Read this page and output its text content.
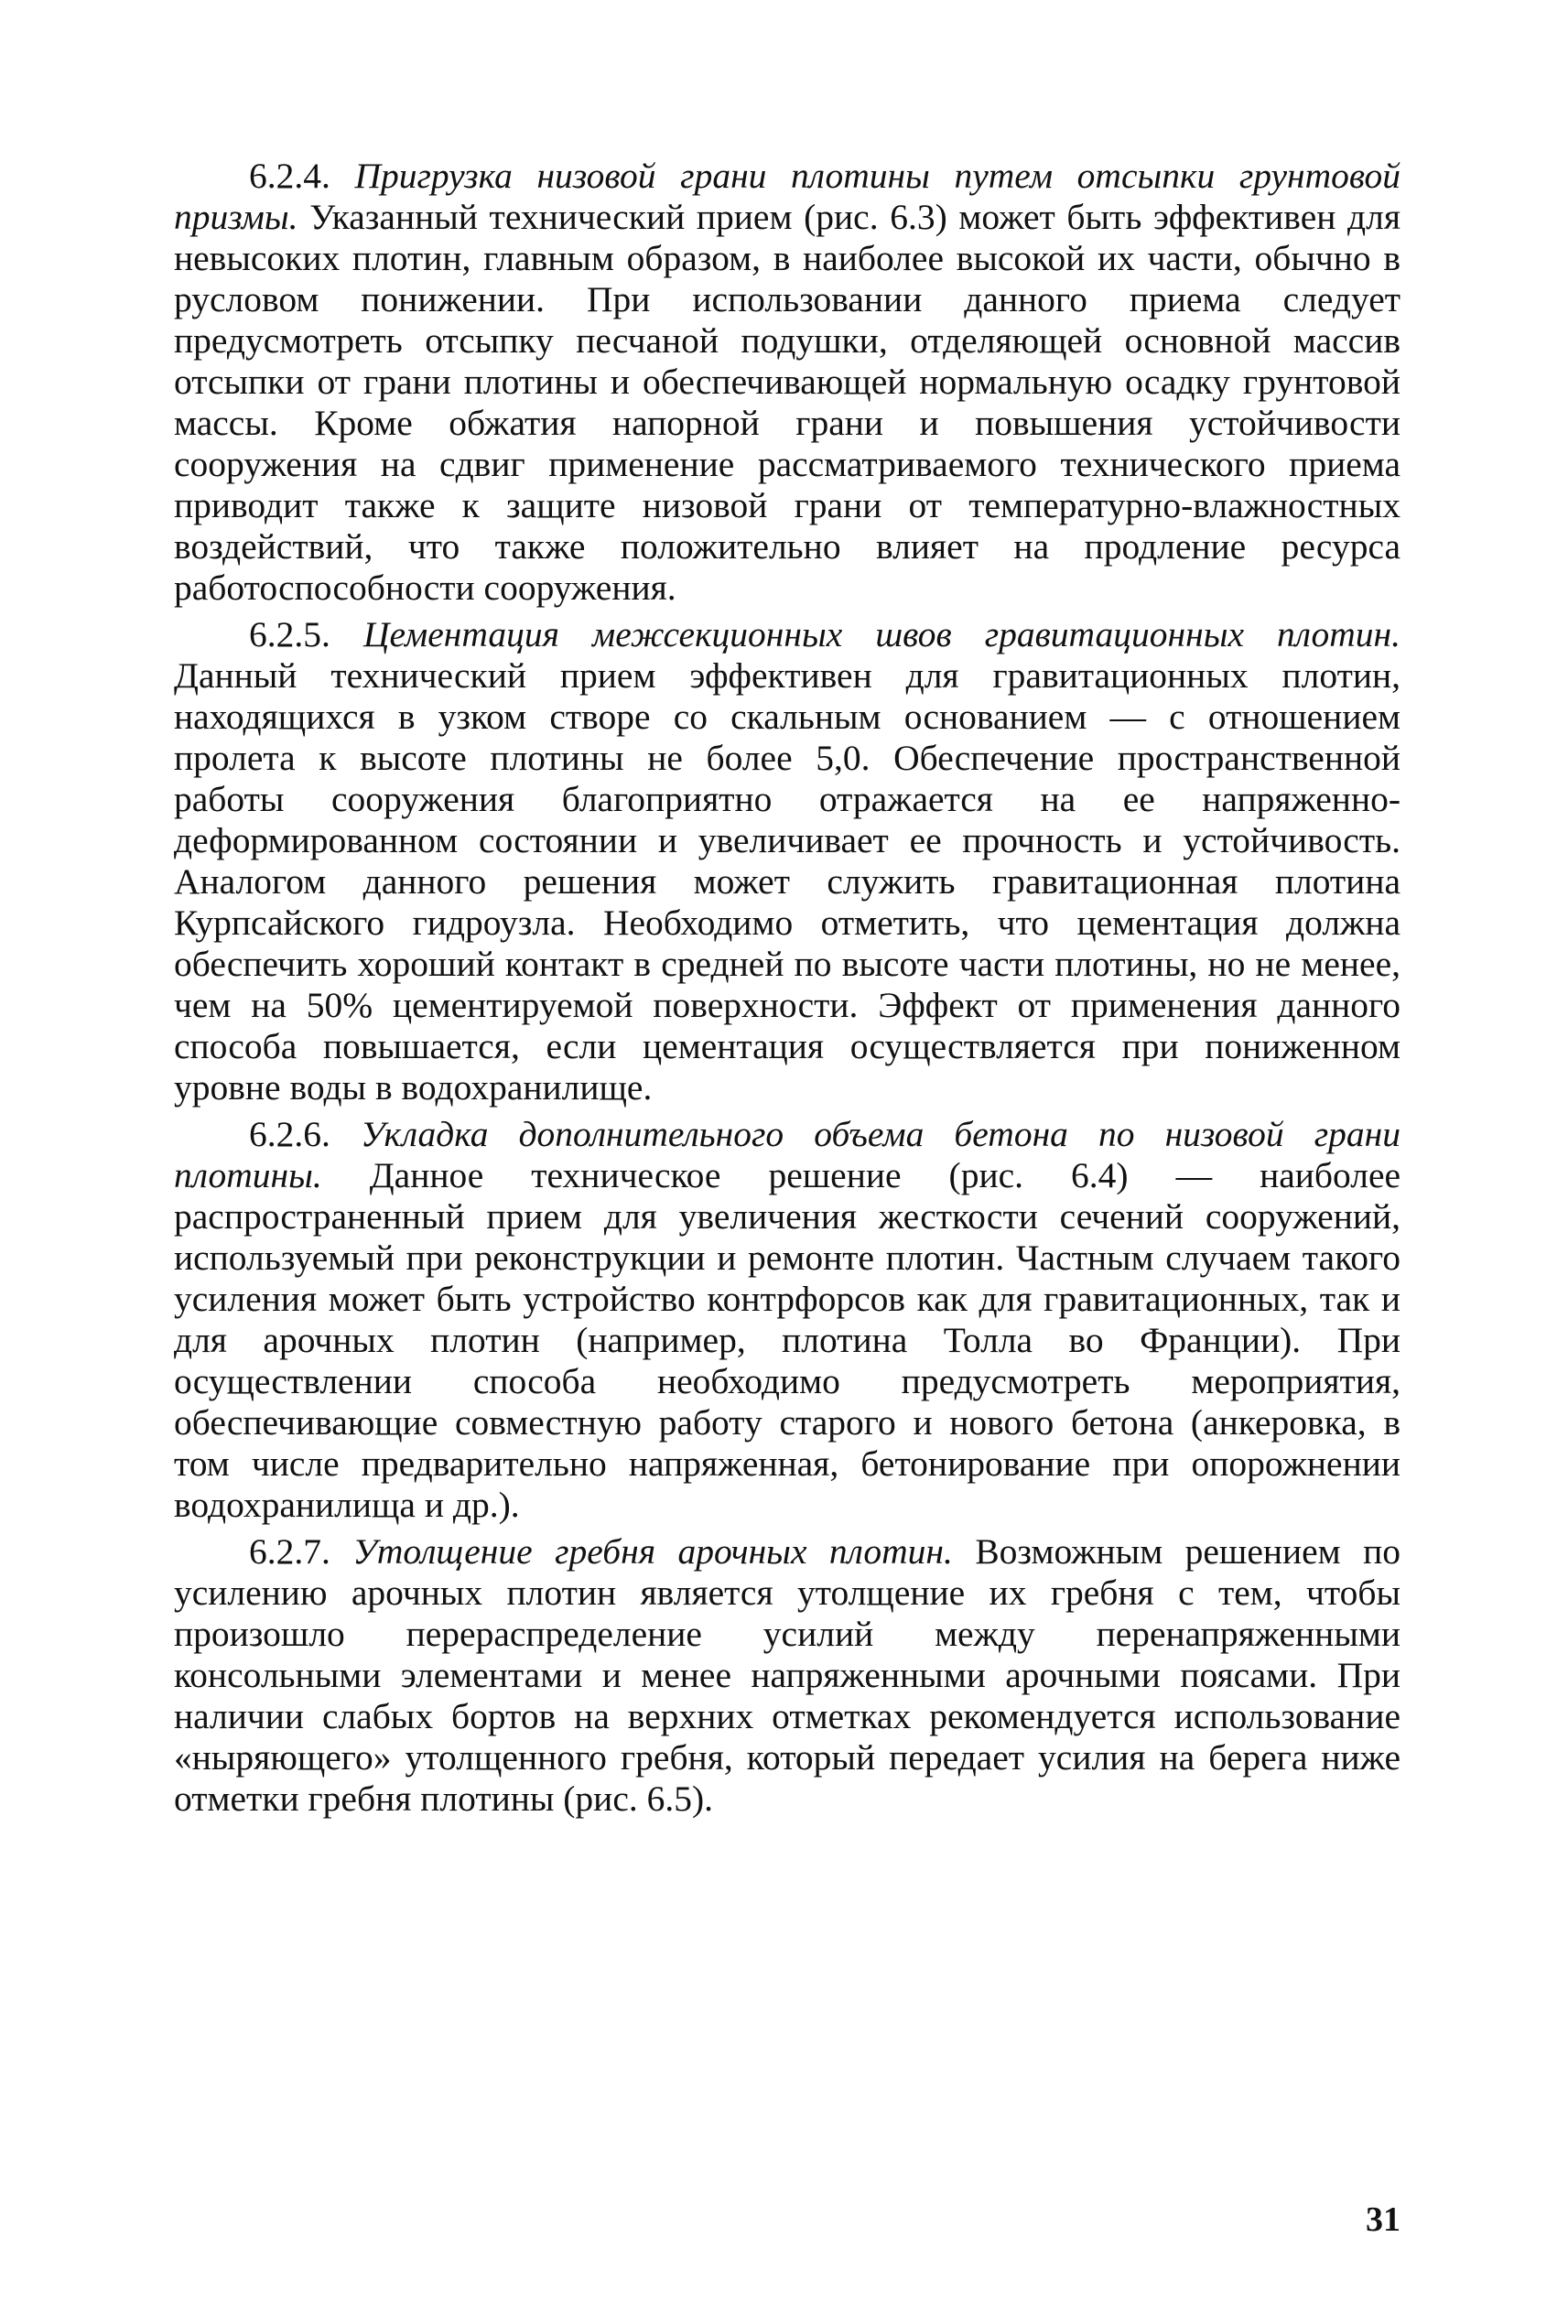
6.2.4. Пригрузка низовой грани плотины путем отсыпки грунтовой призмы. Указанный технический прием (рис. 6.3) может быть эффективен для невысоких плотин, главным образом, в наиболее высокой их части, обычно в русловом понижении. При использовании данного приема следует предусмотреть отсыпку песчаной подушки, отделяющей основной массив отсыпки от грани плотины и обеспечивающей нормальную осадку грунтовой массы. Кроме обжатия напорной грани и повышения устойчивости сооружения на сдвиг применение рассматриваемого технического приема приводит также к защите низовой грани от температурно-влажностных воздействий, что также положительно влияет на продление ресурса работоспособности сооружения.

6.2.5. Цементация межсекционных швов гравитационных плотин. Данный технический прием эффективен для гравитационных плотин, находящихся в узком створе со скальным основанием — с отношением пролета к высоте плотины не более 5,0. Обеспечение пространственной работы сооружения благоприятно отражается на ее напряженно-деформированном состоянии и увеличивает ее прочность и устойчивость. Аналогом данного решения может служить гравитационная плотина Курпсайского гидроузла. Необходимо отметить, что цементация должна обеспечить хороший контакт в средней по высоте части плотины, но не менее, чем на 50% цементируемой поверхности. Эффект от применения данного способа повышается, если цементация осуществляется при пониженном уровне воды в водохранилище.

6.2.6. Укладка дополнительного объема бетона по низовой грани плотины. Данное техническое решение (рис. 6.4) — наиболее распространенный прием для увеличения жесткости сечений сооружений, используемый при реконструкции и ремонте плотин. Частным случаем такого усиления может быть устройство контрфорсов как для гравитационных, так и для арочных плотин (например, плотина Толла во Франции). При осуществлении способа необходимо предусмотреть мероприятия, обеспечивающие совместную работу старого и нового бетона (анкеровка, в том числе предварительно напряженная, бетонирование при опорожнении водохранилища и др.).

6.2.7. Утолщение гребня арочных плотин. Возможным решением по усилению арочных плотин является утолщение их гребня с тем, чтобы произошло перераспределение усилий между перенапряженными консольными элементами и менее напряженными арочными поясами. При наличии слабых бортов на верхних отметках рекомендуется использование «ныряющего» утолщенного гребня, который передает усилия на берега ниже отметки гребня плотины (рис. 6.5).

31
